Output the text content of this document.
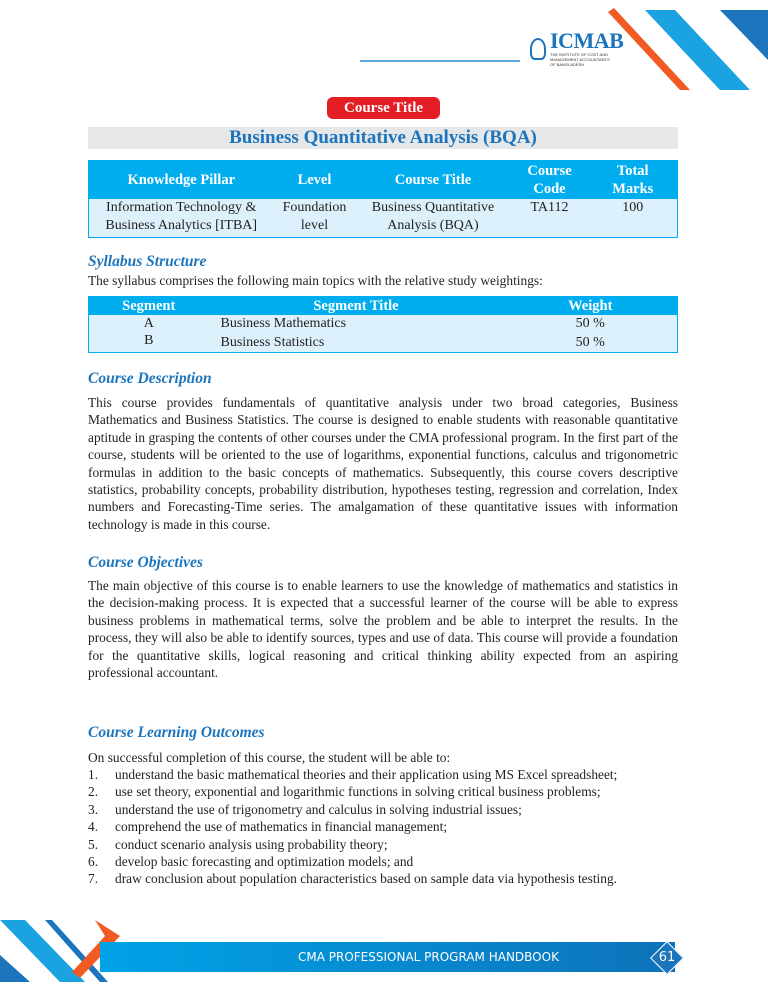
ICMAB
THE INSTITUTE OF COST AND MANAGEMENT ACCOUNTANTS OF BANGLADESH
Course Title
Business Quantitative Analysis (BQA)
Knowledge Pillar	Level	Course Title	Course Code	Total Marks
Information Technology & Business Analytics [ITBA]	Foundation level	Business Quantitative Analysis (BQA)	TA112	100
Syllabus Structure
The syllabus comprises the following main topics with the relative study weightings:
Segment	Segment Title	Weight
A	Business Mathematics	50 %
B	Business Statistics	50 %
Course Description
This course provides fundamentals of quantitative analysis under two broad categories, Business Mathematics and Business Statistics. The course is designed to enable students with reasonable quantitative aptitude in grasping the contents of other courses under the CMA professional program. In the first part of the course, students will be oriented to the use of logarithms, exponential functions, calculus and trigonometric formulas in addition to the basic concepts of mathematics. Subsequently, this course covers descriptive statistics, probability concepts, probability distribution, hypotheses testing, regression and correlation, Index numbers and Forecasting-Time series. The amalgamation of these quantitative issues with information technology is made in this course.
Course Objectives
The main objective of this course is to enable learners to use the knowledge of mathematics and statistics in the decision-making process. It is expected that a successful learner of the course will be able to express business problems in mathematical terms, solve the problem and be able to interpret the results. In the process, they will also be able to identify sources, types and use of data. This course will provide a foundation for the quantitative skills, logical reasoning and critical thinking ability expected from an aspiring professional accountant.
Course Learning Outcomes
On successful completion of this course, the student will be able to:
1.	understand the basic mathematical theories and their application using MS Excel spreadsheet;
2.	use set theory, exponential and logarithmic functions in solving critical business problems;
3.	understand the use of trigonometry and calculus in solving industrial issues;
4.	comprehend the use of mathematics in financial management;
5.	conduct scenario analysis using probability theory;
6.	develop basic forecasting and optimization models; and
7.	draw conclusion about population characteristics based on sample data via hypothesis testing.
CMA PROFESSIONAL PROGRAM HANDBOOK	61
